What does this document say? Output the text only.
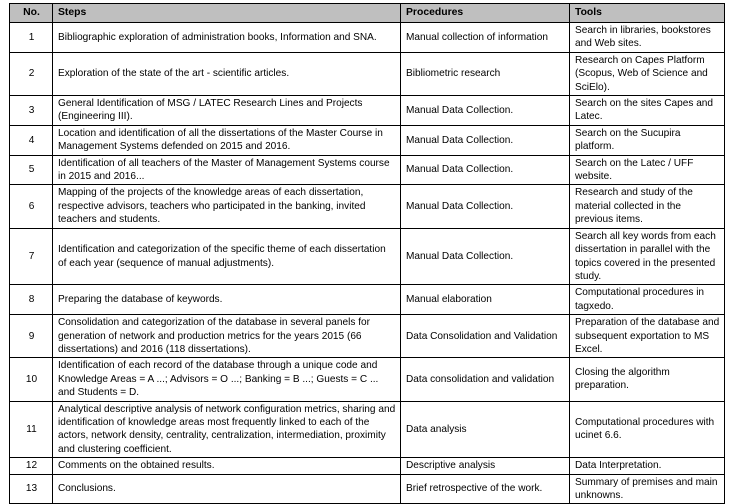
No.	Steps	Procedures	Tools
1	Bibliographic exploration of administration books, Information and SNA.	Manual collection of information	Search in libraries, bookstores and Web sites.
2	Exploration of the state of the art - scientific articles.	Bibliometric research	Research on Capes Platform (Scopus, Web of Science and SciElo).
3	General Identification of MSG / LATEC Research Lines and Projects (Engineering III).	Manual Data Collection.	Search on the sites Capes and Latec.
4	Location and identification of all the dissertations of the Master Course in Management Systems defended on 2015 and 2016.	Manual Data Collection.	Search on the Sucupira platform.
5	Identification of all teachers of the Master of Management Systems course in 2015 and 2016...	Manual Data Collection.	Search on the Latec / UFF website.
6	Mapping of the projects of the knowledge areas of each dissertation, respective advisors, teachers who participated in the banking, invited teachers and students.	Manual Data Collection.	Research and study of the material collected in the previous items.
7	Identification and categorization of the specific theme of each dissertation of each year (sequence of manual adjustments).	Manual Data Collection.	Search all key words from each dissertation in parallel with the topics covered in the presented study.
8	Preparing the database of keywords.	Manual elaboration	Computational procedures in tagxedo.
9	Consolidation and categorization of the database in several panels for generation of network and production metrics for the years 2015 (66 dissertations) and 2016 (118 dissertations).	Data Consolidation and Validation	Preparation of the database and subsequent exportation to MS Excel.
10	Identification of each record of the database through a unique code and Knowledge Areas = A ...; Advisors = O ...; Banking = B ...; Guests = C ... and Students = D.	Data consolidation and validation	Closing the algorithm preparation.
11	Analytical descriptive analysis of network configuration metrics, sharing and identification of knowledge areas most frequently linked to each of the actors, network density, centrality, centralization, intermediation, proximity and clustering coefficient.	Data analysis	Computational procedures with ucinet 6.6.
12	Comments on the obtained results.	Descriptive analysis	Data Interpretation.
13	Conclusions.	Brief retrospective of the work.	Summary of premises and main unknowns.
